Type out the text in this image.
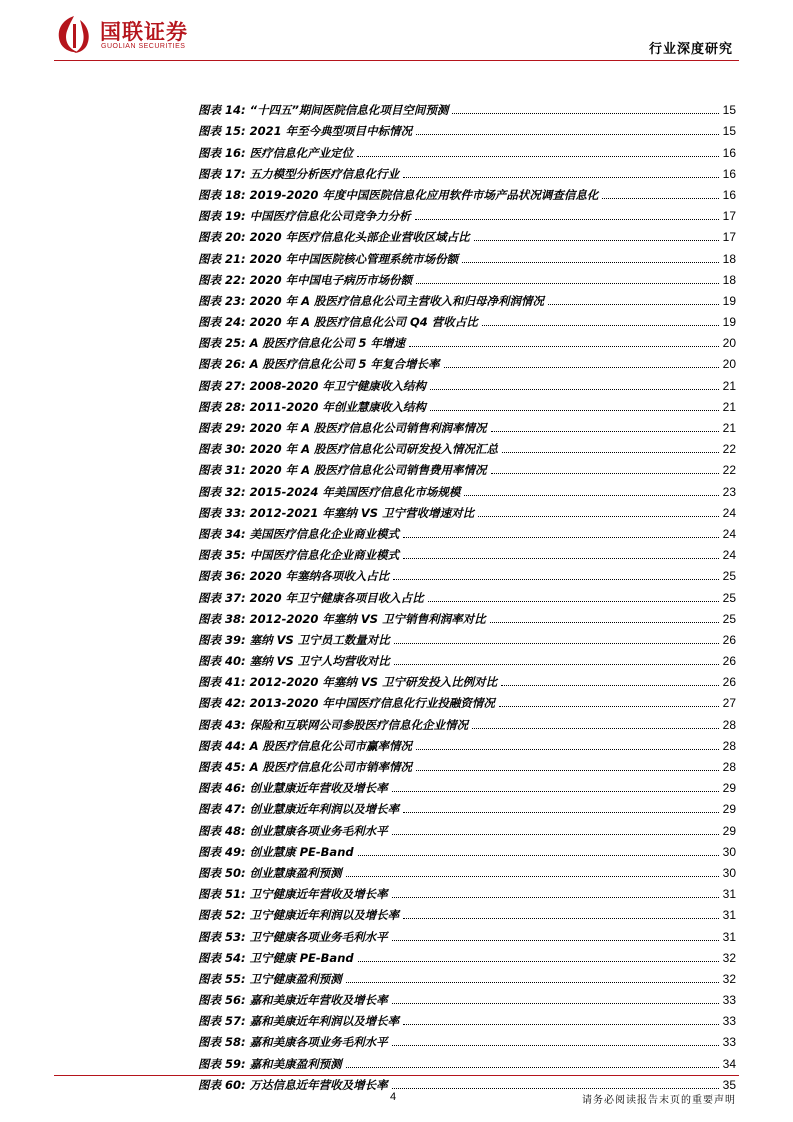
国联证券
GUOLIAN SECURITIES	行业深度研究
图表 14: “十四五”期间医院信息化项目空间预测	15
图表 15: 2021 年至今典型项目中标情况	15
图表 16: 医疗信息化产业定位	16
图表 17: 五力模型分析医疗信息化行业	16
图表 18: 2019-2020 年度中国医院信息化应用软件市场产品状况调查信息化	16
图表 19: 中国医疗信息化公司竞争力分析	17
图表 20: 2020 年医疗信息化头部企业营收区域占比	17
图表 21: 2020 年中国医院核心管理系统市场份额	18
图表 22: 2020 年中国电子病历市场份额	18
图表 23: 2020 年 A 股医疗信息化公司主营收入和归母净利润情况	19
图表 24: 2020 年 A 股医疗信息化公司 Q4 营收占比	19
图表 25: A 股医疗信息化公司 5 年增速	20
图表 26: A 股医疗信息化公司 5 年复合增长率	20
图表 27: 2008-2020 年卫宁健康收入结构	21
图表 28: 2011-2020 年创业慧康收入结构	21
图表 29: 2020 年 A 股医疗信息化公司销售利润率情况	21
图表 30: 2020 年 A 股医疗信息化公司研发投入情况汇总	22
图表 31: 2020 年 A 股医疗信息化公司销售费用率情况	22
图表 32: 2015-2024 年美国医疗信息化市场规模	23
图表 33: 2012-2021 年塞纳 VS 卫宁营收增速对比	24
图表 34: 美国医疗信息化企业商业模式	24
图表 35: 中国医疗信息化企业商业模式	24
图表 36: 2020 年塞纳各项收入占比	25
图表 37: 2020 年卫宁健康各项目收入占比	25
图表 38: 2012-2020 年塞纳 VS 卫宁销售利润率对比	25
图表 39: 塞纳 VS 卫宁员工数量对比	26
图表 40: 塞纳 VS 卫宁人均营收对比	26
图表 41: 2012-2020 年塞纳 VS 卫宁研发投入比例对比	26
图表 42: 2013-2020 年中国医疗信息化行业投融资情况	27
图表 43: 保险和互联网公司参股医疗信息化企业情况	28
图表 44: A 股医疗信息化公司市赢率情况	28
图表 45: A 股医疗信息化公司市销率情况	28
图表 46: 创业慧康近年营收及增长率	29
图表 47: 创业慧康近年利润以及增长率	29
图表 48: 创业慧康各项业务毛利水平	29
图表 49: 创业慧康 PE-Band	30
图表 50: 创业慧康盈利预测	30
图表 51: 卫宁健康近年营收及增长率	31
图表 52: 卫宁健康近年利润以及增长率	31
图表 53: 卫宁健康各项业务毛利水平	31
图表 54: 卫宁健康 PE-Band	32
图表 55: 卫宁健康盈利预测	32
图表 56: 嘉和美康近年营收及增长率	33
图表 57: 嘉和美康近年利润以及增长率	33
图表 58: 嘉和美康各项业务毛利水平	33
图表 59: 嘉和美康盈利预测	34
图表 60: 万达信息近年营收及增长率	35
4	请务必阅读报告末页的重要声明
